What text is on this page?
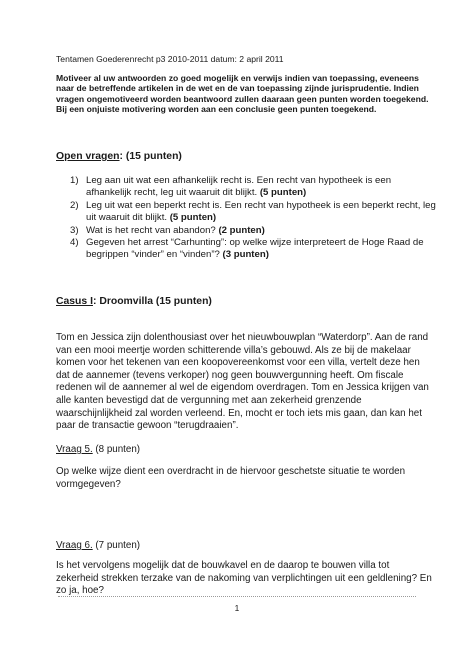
Tentamen Goederenrecht p3 2010-2011 datum: 2 april 2011
Motiveer al uw antwoorden zo goed mogelijk en verwijs indien van toepassing, eveneens naar de betreffende artikelen in de wet en de van toepassing zijnde jurisprudentie. Indien vragen ongemotiveerd worden beantwoord zullen daaraan geen punten worden toegekend. Bij een onjuiste motivering worden aan een conclusie geen punten toegekend.
Open vragen: (15 punten)
1) Leg aan uit wat een afhankelijk recht is. Een recht van hypotheek is een afhankelijk recht, leg uit waaruit dit blijkt. (5 punten)
2) Leg uit wat een beperkt recht is. Een recht van hypotheek is een beperkt recht, leg uit waaruit dit blijkt. (5 punten)
3) Wat is het recht van abandon? (2 punten)
4) Gegeven het arrest “Carhunting”: op welke wijze interpreteert de Hoge Raad de begrippen “vinder” en “vinden”? (3 punten)
Casus I: Droomvilla (15 punten)
Tom en Jessica zijn dolenthousiast over het nieuwbouwplan “Waterdorp”. Aan de rand van een mooi meertje worden schitterende villa’s gebouwd. Als ze bij de makelaar komen voor het tekenen van een koopovereenkomst voor een villa, vertelt deze hen dat de aannemer (tevens verkoper) nog geen bouwvergunning heeft. Om fiscale redenen wil de aannemer al wel de eigendom overdragen. Tom en Jessica krijgen van alle kanten bevestigd dat de vergunning met aan zekerheid grenzende waarschijnlijkheid zal worden verleend. En, mocht er toch iets mis gaan, dan kan het paar de transactie gewoon “terugdraaien”.
Vraag 5. (8 punten)
Op welke wijze dient een overdracht in de hiervoor geschetste situatie te worden vormgegeven?
Vraag 6. (7 punten)
Is het vervolgens mogelijk dat de bouwkavel en de daarop te bouwen villa tot zekerheid strekken terzake van de nakoming van verplichtingen uit een geldlening? En zo ja, hoe?
1
